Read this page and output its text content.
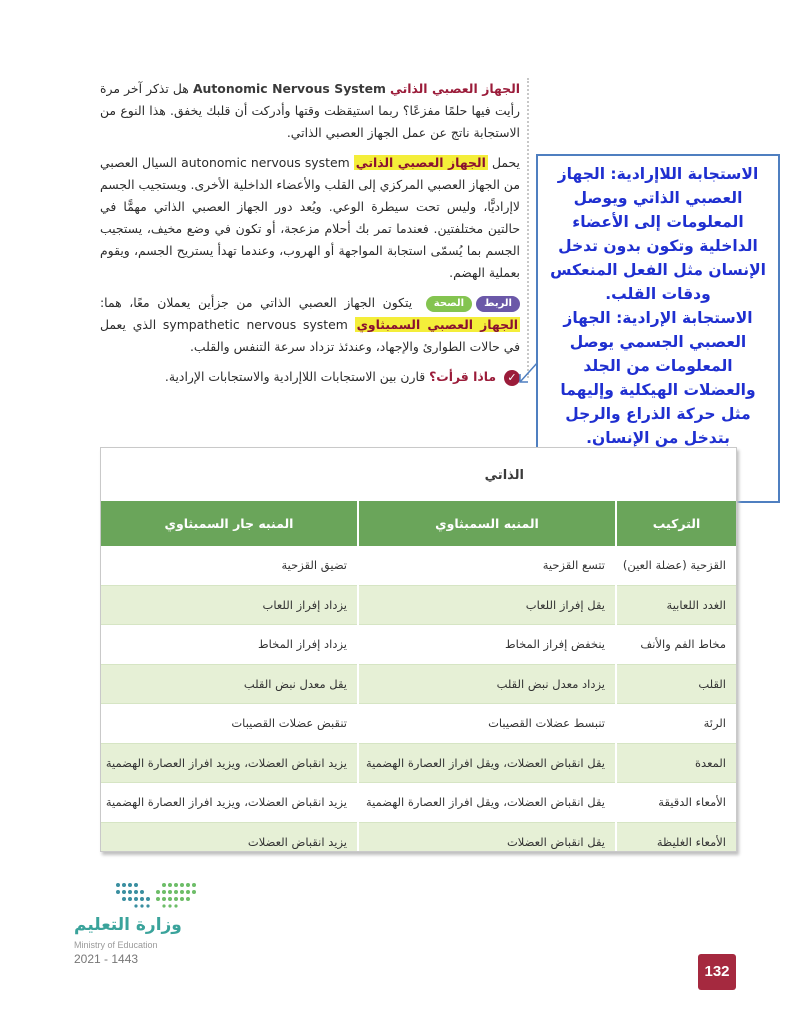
الجهاز العصبي الذاتي Autonomic Nervous System هل تذكر آخر مرة رأيت فيها حلمًا مفزعًا؟ ربما استيقظت وقتها وأدركت أن قلبك يخفق. هذا النوع من الاستجابة ناتج عن عمل الجهاز العصبي الذاتي.

يحمل الجهاز العصبي الذاتي autonomic nervous system السيال العصبي من الجهاز العصبي المركزي إلى القلب والأعضاء الداخلية الأخرى. ويستجيب الجسم لاإراديًّا، وليس تحت سيطرة الوعي. ويُعد دور الجهاز العصبي الذاتي مهمًّا في حالتين مختلفتين. فعندما تمر بك أحلام مزعجة، أو تكون في وضع مخيف، يستجيب الجسم بما يُسمّى استجابة المواجهة أو الهروب، وعندما تهدأ يستريح الجسم، ويقوم بعملية الهضم.

الربط
الصحة
يتكون الجهاز العصبي الذاتي من جزأين يعملان معًا، هما: الجهاز العصبي السمبثاوي sympathetic nervous system الذي يعمل في حالات الطوارئ والإجهاد، وعندئذ تزداد سرعة التنفس والقلب.

✓ ماذا قرأت؟ قارن بين الاستجابات اللاإرادية والاستجابات الإرادية.

الاستجابة اللاإرادية: الجهاز العصبي الذاتي ويوصل المعلومات إلى الأعضاء الداخلية وتكون بدون تدخل الإنسان مثل الفعل المنعكس ودقات القلب.

الاستجابة الإرادية: الجهاز العصبي الجسمي يوصل المعلومات من الجلد والعضلات الهيكلية وإليهما مثل حركة الذراع والرجل بتدخل من الإنسان.

الذاتي
التركيب	المنبه السمبثاوي	المنبه جار السمبثاوي
القزحية (عضلة العين)	تتسع القزحية	تضيق القزحية
الغدد اللعابية	يقل إفراز اللعاب	يزداد إفراز اللعاب
مخاط الفم والأنف	ينخفض إفراز المخاط	يزداد إفراز المخاط
القلب	يزداد معدل نبض القلب	يقل معدل نبض القلب
الرئة	تنبسط عضلات القصيبات	تنقبض عضلات القصيبات
المعدة	يقل انقباض العضلات، ويقل افراز العصارة الهضمية	يزيد انقباض العضلات، ويزيد افراز العصارة الهضمية
الأمعاء الدقيقة	يقل انقباض العضلات، ويقل افراز العصارة الهضمية	يزيد انقباض العضلات، ويزيد افراز العصارة الهضمية
الأمعاء الغليظة	يقل انقباض العضلات	يزيد انقباض العضلات
وزارة التعليم
Ministry of Education
2021 - 1443
132
